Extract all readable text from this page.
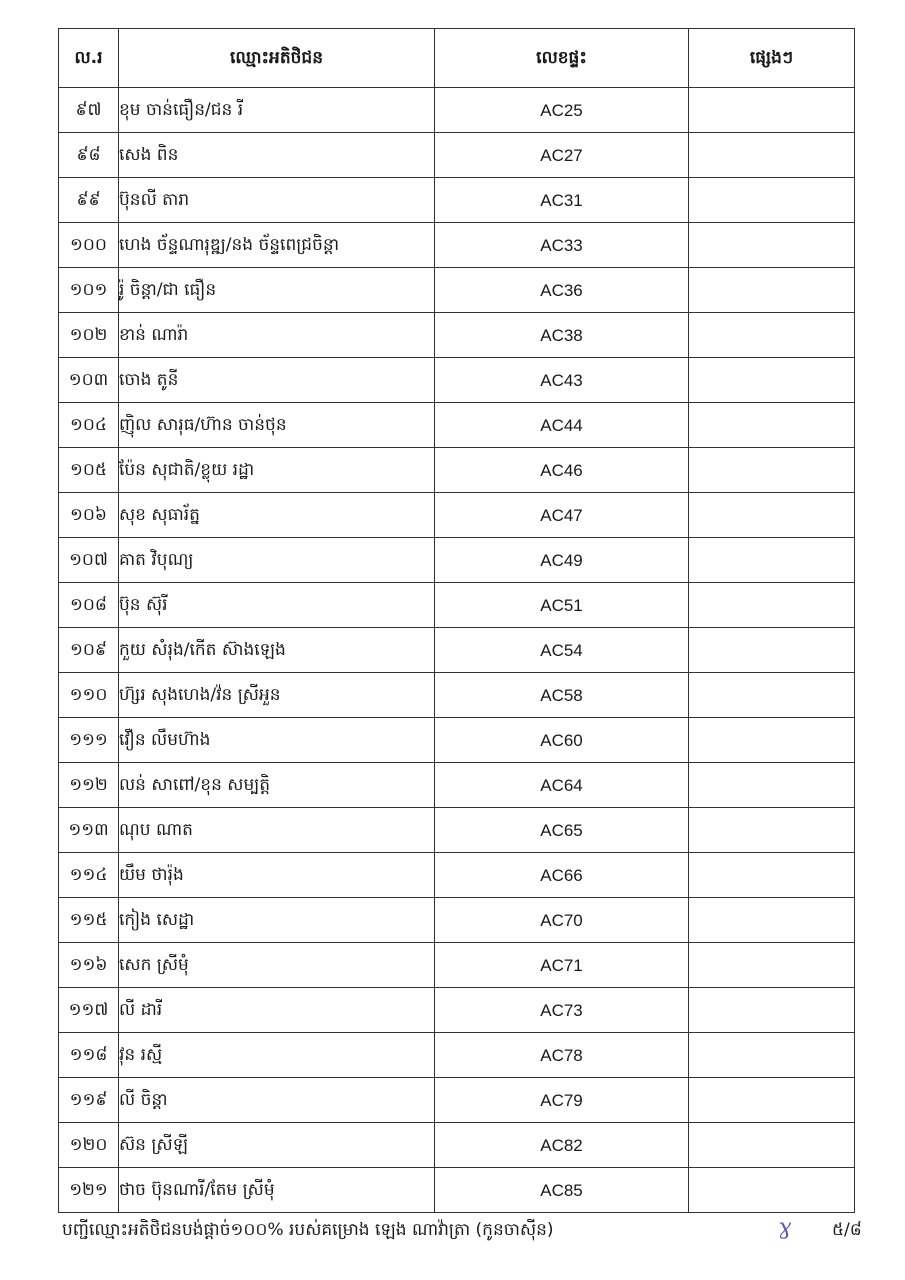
ល.រ	ឈ្មោះអតិថិជន	លេខផ្ទះ	ផ្សេងៗ
៩៧	ខុម ចាន់ធឿន/ជន រី	AC25	
៩៨	សេង ពិន	AC27	
៩៩	ប៊ុនលី តារា	AC31	
១០០	ហេង ច័ន្ទណារុឌ្ឍ/នង ច័ន្ទពេជ្រចិន្តា	AC33	
១០១	រ៉ូ ចិន្តា/ជា ធឿន	AC36	
១០២	ខាន់ ណារ៉ា	AC38	
១០៣	ចោង តូនី	AC43	
១០៤	ញ៉ិល សារុធ/ហ៊ាន ចាន់ថុន	AC44	
១០៥	ប៉ែន សុជាតិ/ខ្លុយ រដ្ឋា	AC46	
១០៦	សុខ សុធារ័ត្ន	AC47	
១០៧	គាត វិបុណ្យ	AC49	
១០៨	ប៊ុន ស៊ុរី	AC51	
១០៩	កួយ សំរុង/កើត ស៊ាងឡេង	AC54	
១១០	ហ៊្សរ សុងហេង/វ៉ន ស្រីអួន	AC58	
១១១	វឿន លឹមហ៊ាង	AC60	
១១២	លន់ សាពៅ/ខុន សម្បត្តិ	AC64	
១១៣	ណុប ណាត	AC65	
១១៤	យឹម ថារ៉ុង	AC66	
១១៥	កៀង សេដ្ឋា	AC70	
១១៦	សេក ស្រីមុំ	AC71	
១១៧	លី ដារី	AC73	
១១៨	វុន រស្មី	AC78	
១១៩	លី ចិន្តា	AC79	
១២០	ស៊ន ស្រីឡី	AC82	
១២១	ថាច ប៊ុនណារី/តែម ស្រីមុំ	AC85	
បញ្ជីឈ្មោះអតិថិជនបង់ផ្តាច់១០០% របស់គម្រោង ឡេង ណាវ៉ាត្រា (កូនចាស៊ីន)	ɣ ៥/៨
